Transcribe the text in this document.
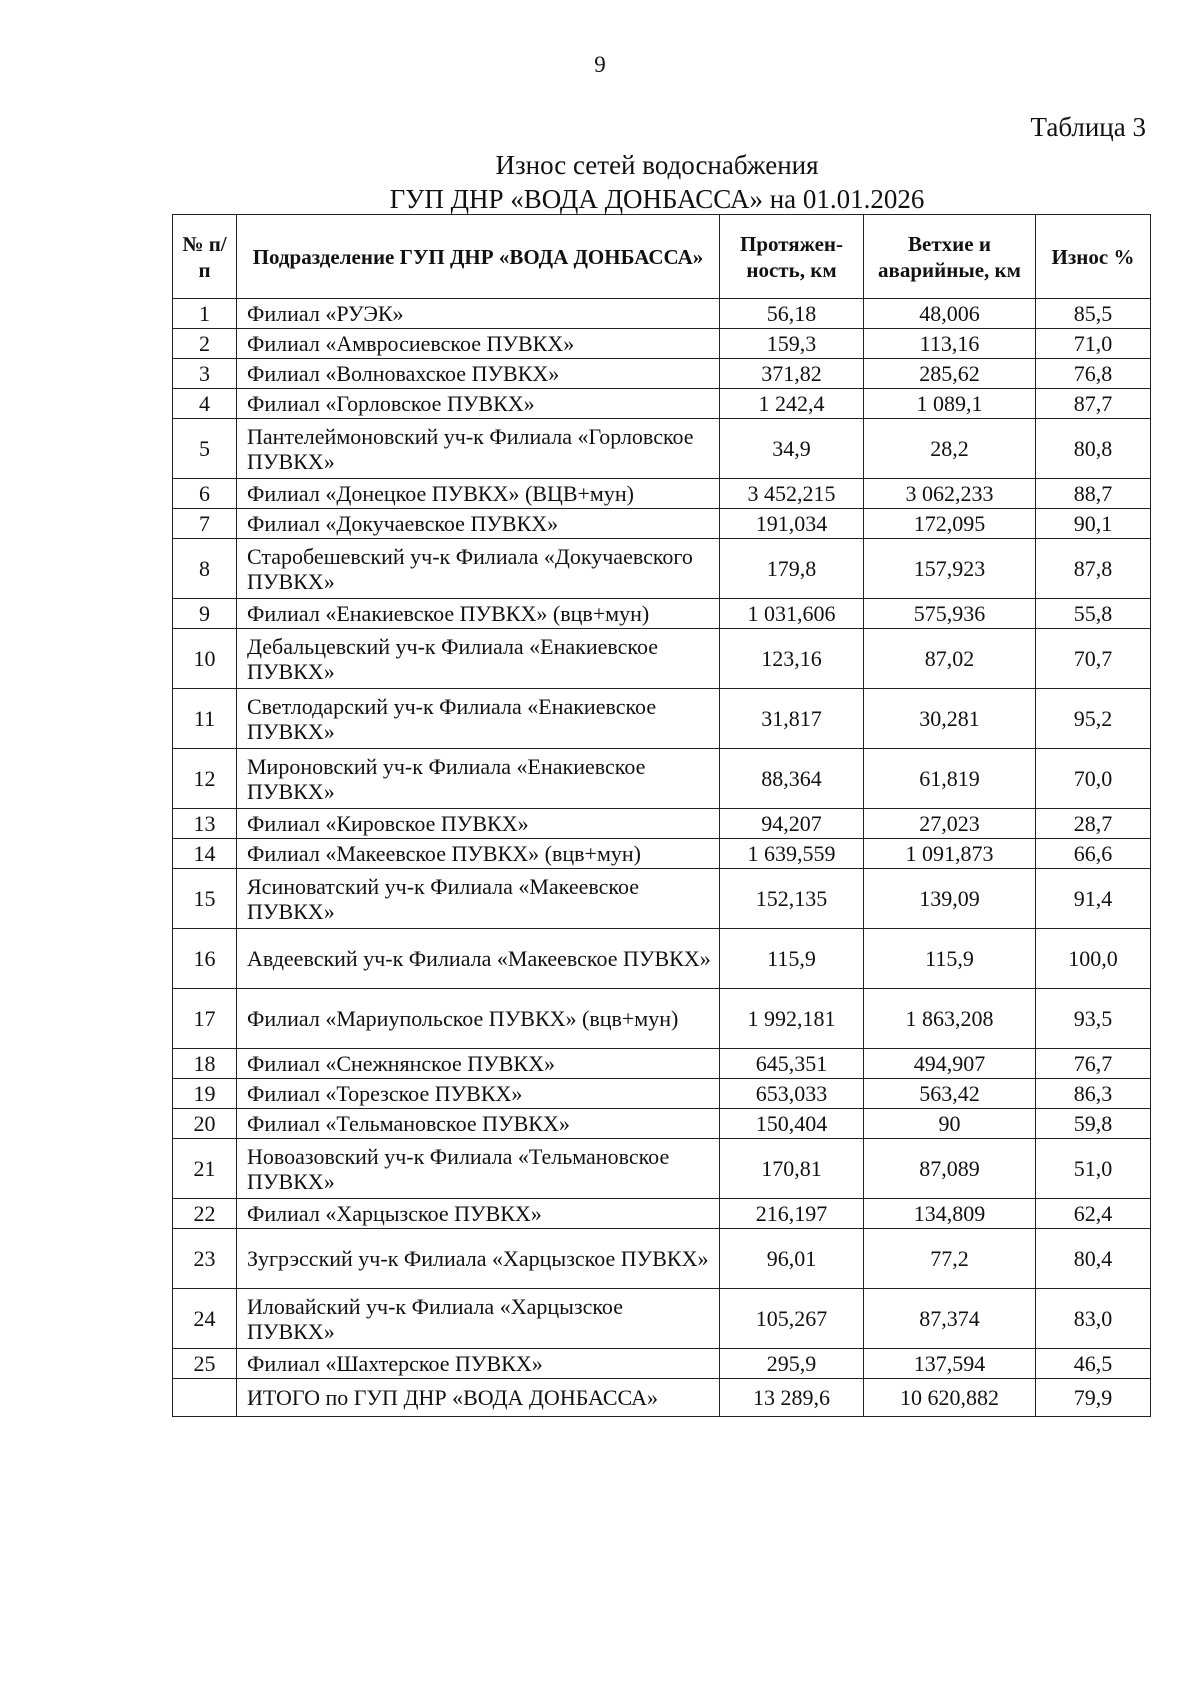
9
Таблица 3
Износ сетей водоснабжения
ГУП ДНР «ВОДА ДОНБАССА» на 01.01.2026
№ п/п	Подразделение ГУП ДНР «ВОДА ДОНБАССА»	Протяжен-ность, км	Ветхие и аварийные, км	Износ %
1	Филиал «РУЭК»	56,18	48,006	85,5
2	Филиал «Амвросиевское ПУВКХ»	159,3	113,16	71,0
3	Филиал «Волновахское ПУВКХ»	371,82	285,62	76,8
4	Филиал «Горловское ПУВКХ»	1 242,4	1 089,1	87,7
5	Пантелеймоновский уч-к Филиала «Горловское ПУВКХ»	34,9	28,2	80,8
6	Филиал «Донецкое ПУВКХ» (ВЦВ+мун)	3 452,215	3 062,233	88,7
7	Филиал «Докучаевское ПУВКХ»	191,034	172,095	90,1
8	Старобешевский уч-к Филиала «Докучаевского ПУВКХ»	179,8	157,923	87,8
9	Филиал «Енакиевское ПУВКХ» (вцв+мун)	1 031,606	575,936	55,8
10	Дебальцевский уч-к Филиала «Енакиевское ПУВКХ»	123,16	87,02	70,7
11	Светлодарский уч-к Филиала «Енакиевское ПУВКХ»	31,817	30,281	95,2
12	Мироновский уч-к Филиала «Енакиевское ПУВКХ»	88,364	61,819	70,0
13	Филиал «Кировское ПУВКХ»	94,207	27,023	28,7
14	Филиал «Макеевское ПУВКХ» (вцв+мун)	1 639,559	1 091,873	66,6
15	Ясиноватский уч-к Филиала «Макеевское ПУВКХ»	152,135	139,09	91,4
16	Авдеевский уч-к Филиала «Макеевское ПУВКХ»	115,9	115,9	100,0
17	Филиал «Мариупольское ПУВКХ» (вцв+мун)	1 992,181	1 863,208	93,5
18	Филиал «Снежнянское ПУВКХ»	645,351	494,907	76,7
19	Филиал «Торезское ПУВКХ»	653,033	563,42	86,3
20	Филиал «Тельмановское ПУВКХ»	150,404	90	59,8
21	Новоазовский уч-к Филиала «Тельмановское ПУВКХ»	170,81	87,089	51,0
22	Филиал «Харцызское ПУВКХ»	216,197	134,809	62,4
23	Зугрэсский уч-к Филиала «Харцызское ПУВКХ»	96,01	77,2	80,4
24	Иловайский уч-к Филиала «Харцызское ПУВКХ»	105,267	87,374	83,0
25	Филиал «Шахтерское ПУВКХ»	295,9	137,594	46,5
	ИТОГО по ГУП ДНР «ВОДА ДОНБАССА»	13 289,6	10 620,882	79,9
